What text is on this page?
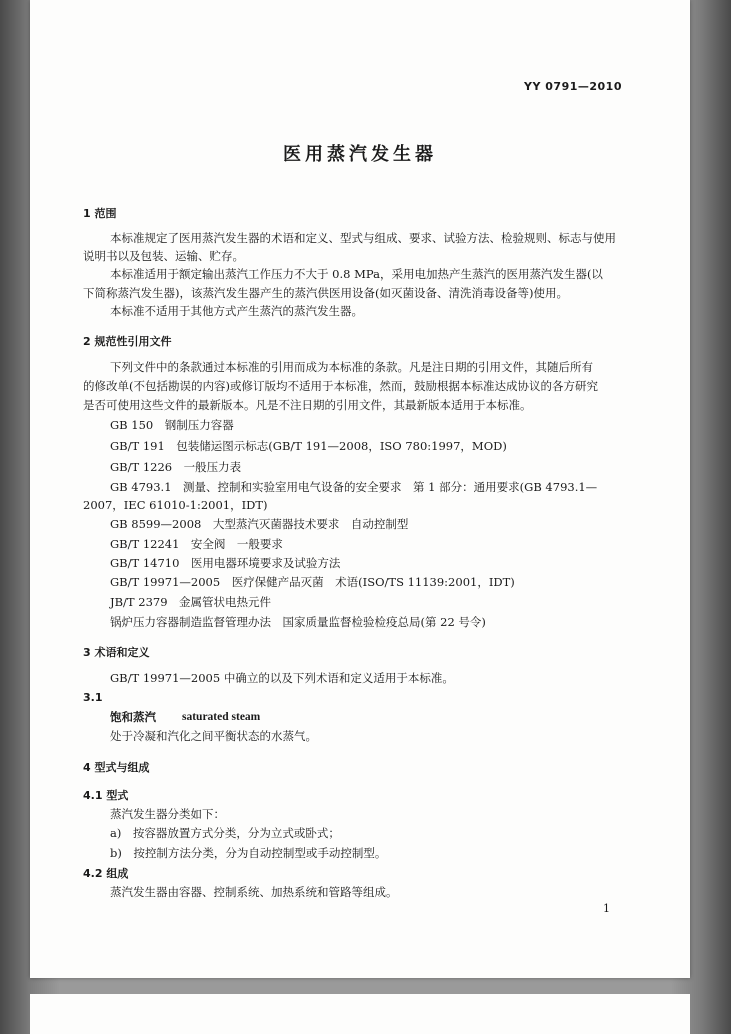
YY 0791—2010
医用蒸汽发生器
1 范围
本标准规定了医用蒸汽发生器的术语和定义、型式与组成、要求、试验方法、检验规则、标志与使用
说明书以及包装、运输、贮存。
本标准适用于额定输出蒸汽工作压力不大于 0.8 MPa，采用电加热产生蒸汽的医用蒸汽发生器(以
下简称蒸汽发生器)，该蒸汽发生器产生的蒸汽供医用设备(如灭菌设备、清洗消毒设备等)使用。
本标准不适用于其他方式产生蒸汽的蒸汽发生器。
2 规范性引用文件
下列文件中的条款通过本标准的引用而成为本标准的条款。凡是注日期的引用文件，其随后所有
的修改单(不包括勘误的内容)或修订版均不适用于本标准，然而，鼓励根据本标准达成协议的各方研究
是否可使用这些文件的最新版本。凡是不注日期的引用文件，其最新版本适用于本标准。
GB 150　钢制压力容器
GB/T 191　包装储运图示标志(GB/T 191—2008，ISO 780:1997，MOD)
GB/T 1226　一般压力表
GB 4793.1　测量、控制和实验室用电气设备的安全要求　第 1 部分：通用要求(GB 4793.1—
2007，IEC 61010-1:2001，IDT)
GB 8599—2008　大型蒸汽灭菌器技术要求　自动控制型
GB/T 12241　安全阀　一般要求
GB/T 14710　医用电器环境要求及试验方法
GB/T 19971—2005　医疗保健产品灭菌　术语(ISO/TS 11139:2001，IDT)
JB/T 2379　金属管状电热元件
锅炉压力容器制造监督管理办法　国家质量监督检验检疫总局(第 22 号令)
3 术语和定义
GB/T 19971—2005 中确立的以及下列术语和定义适用于本标准。
3.1
饱和蒸汽 saturated steam
处于冷凝和汽化之间平衡状态的水蒸气。
4 型式与组成
4.1 型式
蒸汽发生器分类如下：
a)　按容器放置方式分类，分为立式或卧式；
b)　按控制方法分类，分为自动控制型或手动控制型。
4.2 组成
蒸汽发生器由容器、控制系统、加热系统和管路等组成。
1
